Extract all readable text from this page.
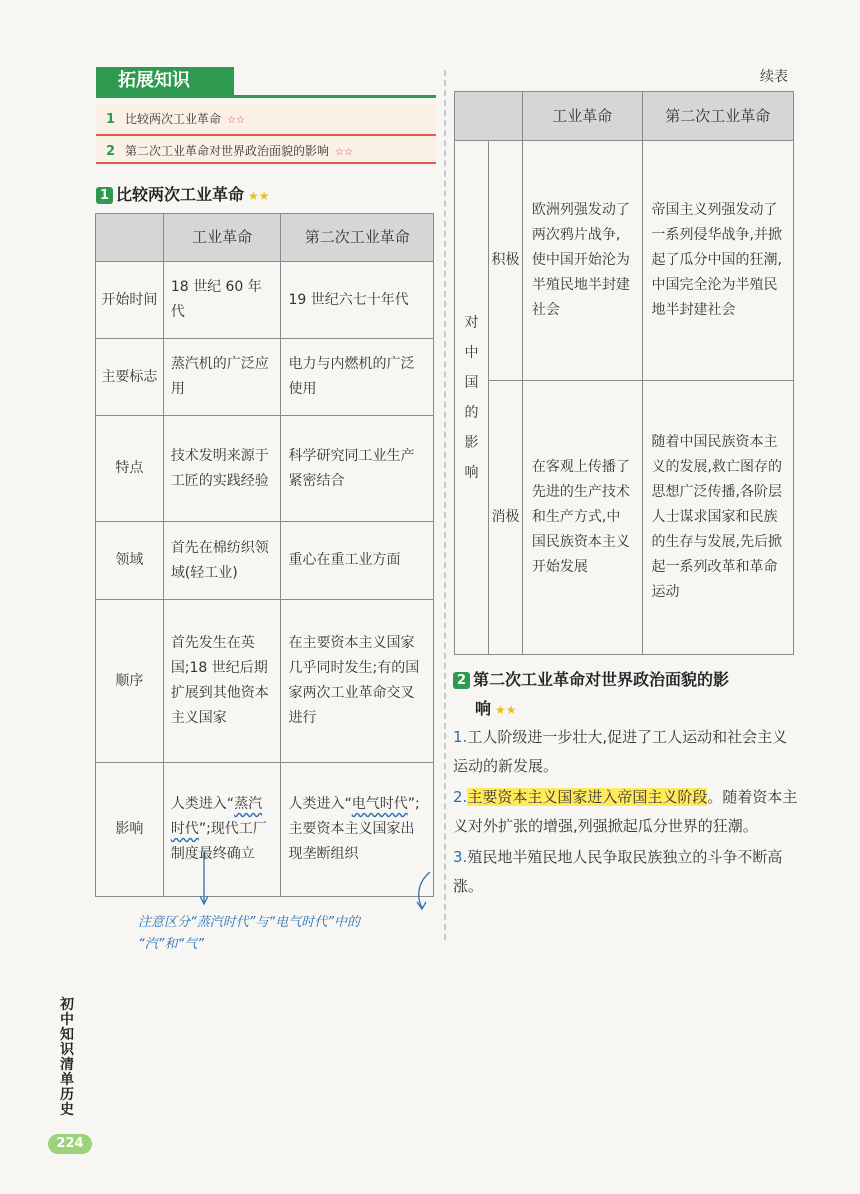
拓展知识
1 比较两次工业革命 ☆☆
2 第二次工业革命对世界政治面貌的影响 ☆☆
续表
1 比较两次工业革命 ★★
	工业革命	第二次工业革命
开始时间	18 世纪 60 年代	19 世纪六七十年代
主要标志	蒸汽机的广泛应用	电力与内燃机的广泛使用
特点	技术发明来源于工匠的实践经验	科学研究同工业生产紧密结合
领域	首先在棉纺织领域(轻工业)	重心在重工业方面
顺序	首先发生在英国;18 世纪后期扩展到其他资本主义国家	在主要资本主义国家几乎同时发生;有的国家两次工业革命交叉进行
影响	人类进入“蒸汽时代”;现代工厂制度最终确立	人类进入“电气时代”;主要资本主义国家出现垄断组织
注意区分“蒸汽时代”与“电气时代”中的
“汽”和“气”
		工业革命	第二次工业革命
对中国的影响	积极	欧洲列强发动了两次鸦片战争,使中国开始沦为半殖民地半封建社会	帝国主义列强发动了一系列侵华战争,并掀起了瓜分中国的狂潮,中国完全沦为半殖民地半封建社会
	消极	在客观上传播了先进的生产技术和生产方式,中国民族资本主义开始发展	随着中国民族资本主义的发展,救亡图存的思想广泛传播,各阶层人士谋求国家和民族的生存与发展,先后掀起一系列改革和革命运动
2 第二次工业革命对世界政治面貌的影
响 ★★
1.工人阶级进一步壮大,促进了工人运动和社会主义运动的新发展。
2.主要资本主义国家进入帝国主义阶段。随着资本主义对外扩张的增强,列强掀起瓜分世界的狂潮。
3.殖民地半殖民地人民争取民族独立的斗争不断高涨。
初中知识清单 历史
224
